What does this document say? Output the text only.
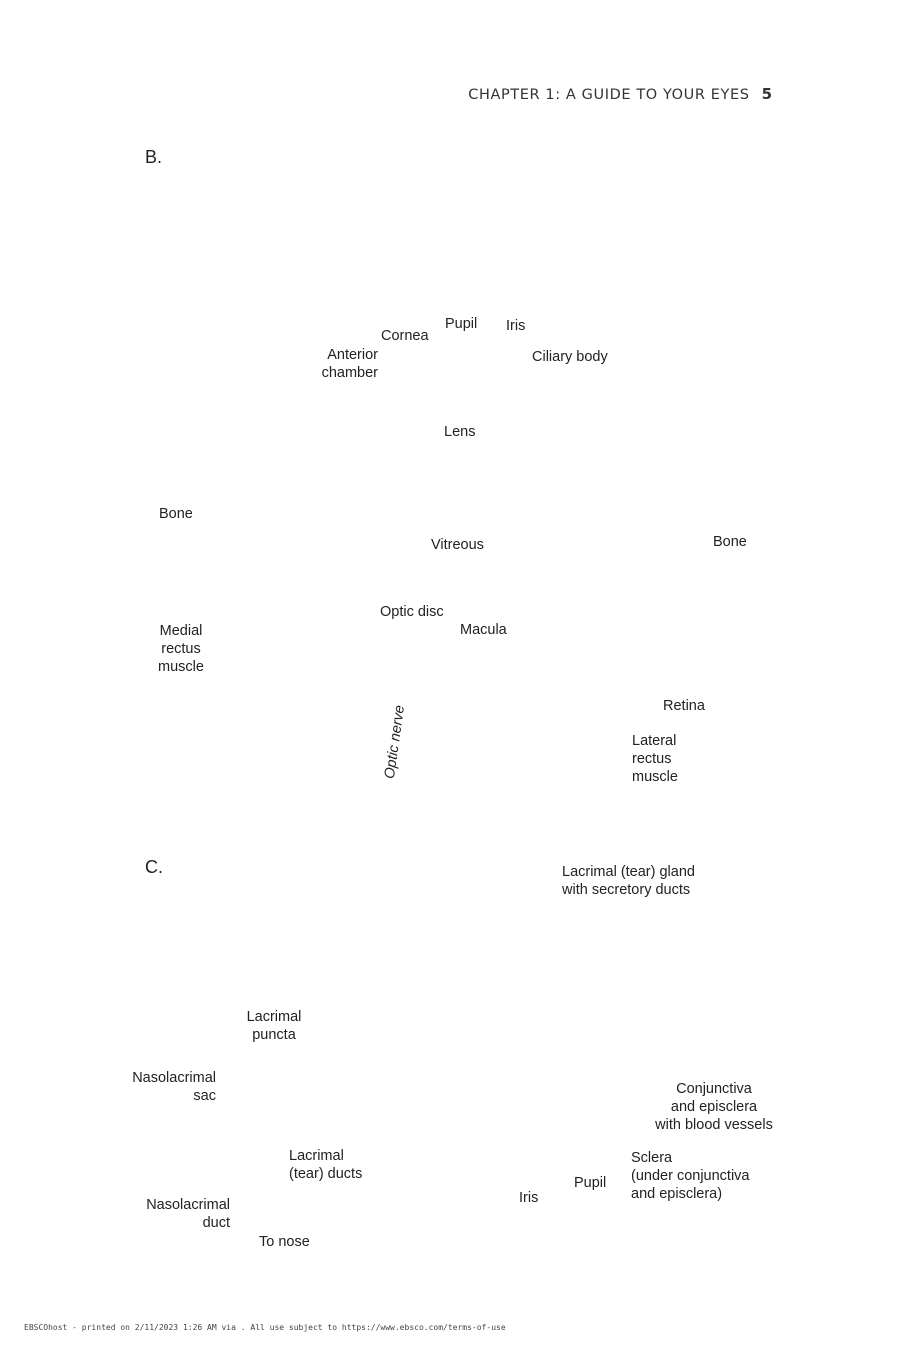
CHAPTER 1: A GUIDE TO YOUR EYES 5
B.
Cornea
Pupil Iris
Anterior
chamber
Ciliary body
Lens
Bone
Vitreous	Bone
Optic disc
Macula
Medial
rectus
muscle
Retina
Optic nerve	Lateral
rectus
muscle
C.	Lacrimal (tear) gland
with secretory ducts
Lacrimal
puncta
Nasolacrimal
sac	Conjunctiva
and episclera
with blood vessels
Lacrimal
(tear) ducts
Sclera
(under conjunctiva
and episclera)
Pupil
Iris
Nasolacrimal
duct
To nose
EBSCOhost - printed on 2/11/2023 1:26 AM via . All use subject to https://www.ebsco.com/terms-of-use
